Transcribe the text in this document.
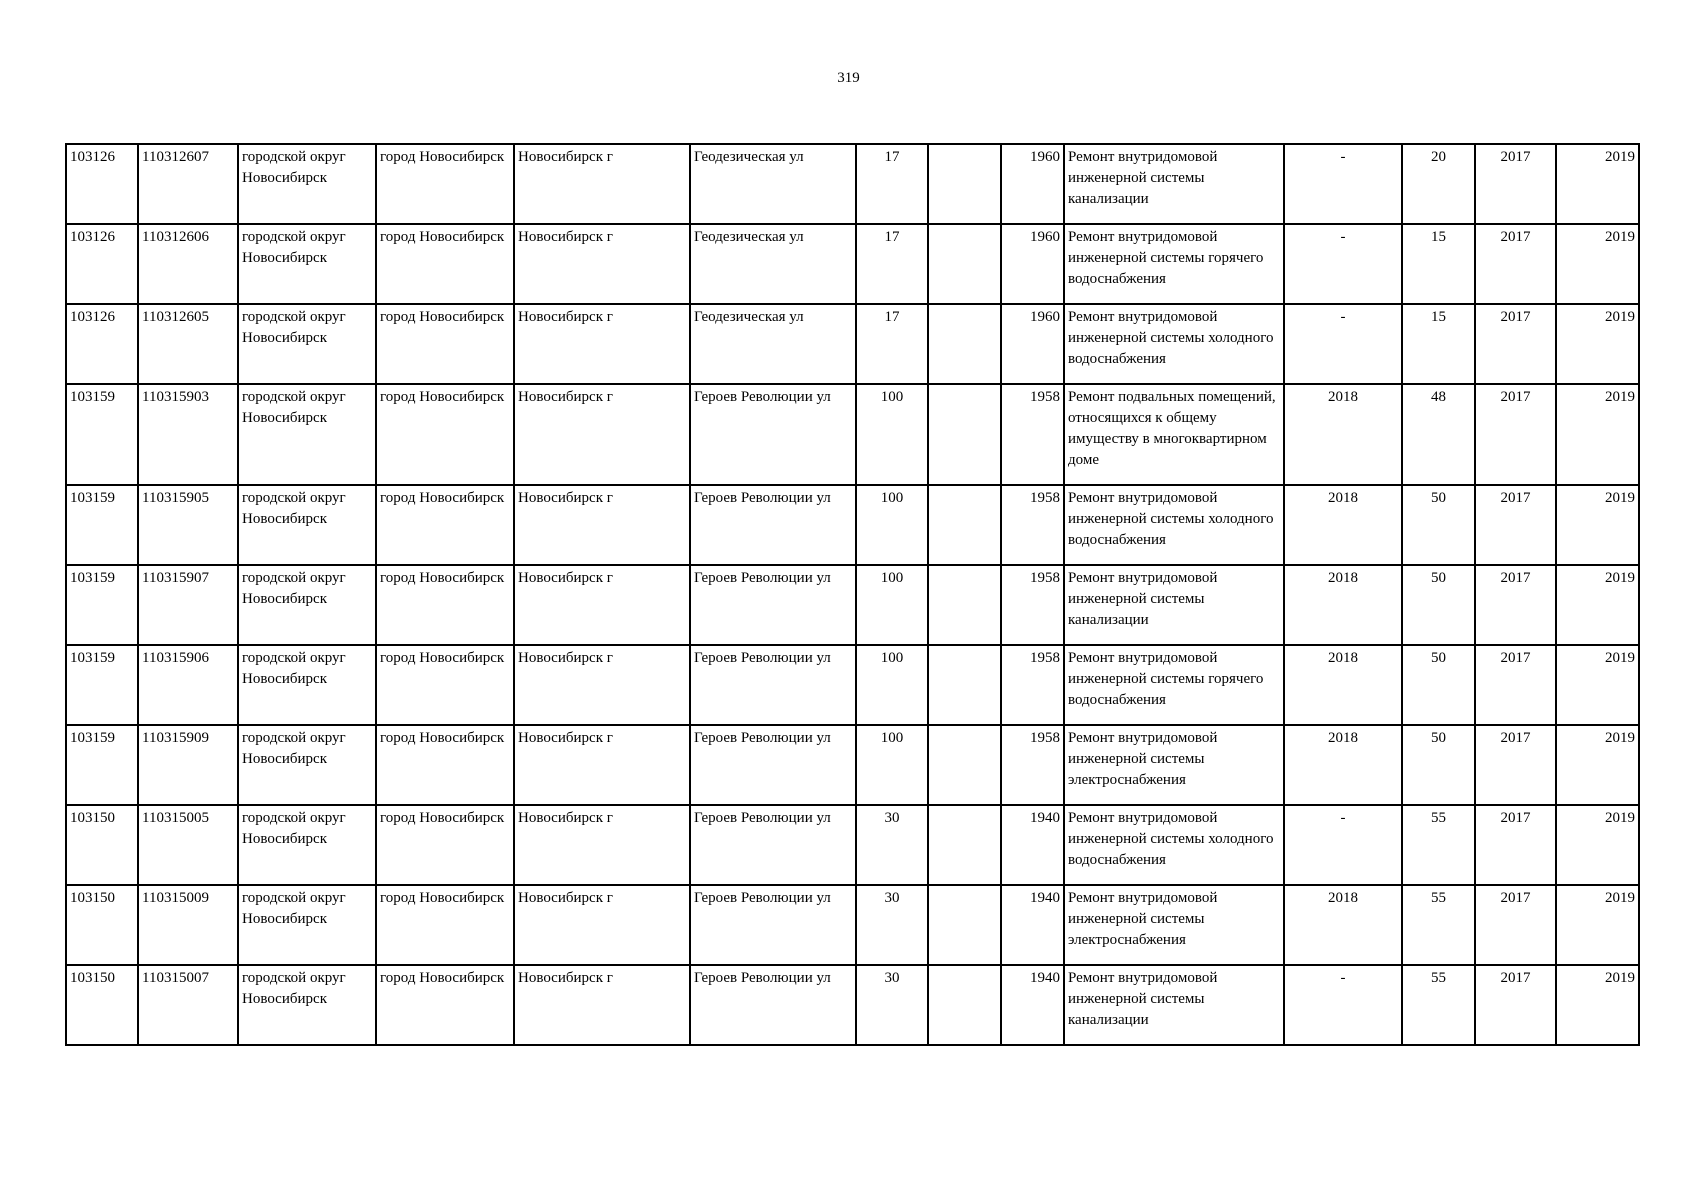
319
103126	110312607	городской округ Новосибирск	город Новосибирск	Новосибирск г	Геодезическая ул	17		1960	Ремонт внутридомовой инженерной системы канализации	-	20	2017	2019
103126	110312606	городской округ Новосибирск	город Новосибирск	Новосибирск г	Геодезическая ул	17		1960	Ремонт внутридомовой инженерной системы горячего водоснабжения	-	15	2017	2019
103126	110312605	городской округ Новосибирск	город Новосибирск	Новосибирск г	Геодезическая ул	17		1960	Ремонт внутридомовой инженерной системы холодного водоснабжения	-	15	2017	2019
103159	110315903	городской округ Новосибирск	город Новосибирск	Новосибирск г	Героев Революции ул	100		1958	Ремонт подвальных помещений, относящихся к общему имуществу в многоквартирном доме	2018	48	2017	2019
103159	110315905	городской округ Новосибирск	город Новосибирск	Новосибирск г	Героев Революции ул	100		1958	Ремонт внутридомовой инженерной системы холодного водоснабжения	2018	50	2017	2019
103159	110315907	городской округ Новосибирск	город Новосибирск	Новосибирск г	Героев Революции ул	100		1958	Ремонт внутридомовой инженерной системы канализации	2018	50	2017	2019
103159	110315906	городской округ Новосибирск	город Новосибирск	Новосибирск г	Героев Революции ул	100		1958	Ремонт внутридомовой инженерной системы горячего водоснабжения	2018	50	2017	2019
103159	110315909	городской округ Новосибирск	город Новосибирск	Новосибирск г	Героев Революции ул	100		1958	Ремонт внутридомовой инженерной системы электроснабжения	2018	50	2017	2019
103150	110315005	городской округ Новосибирск	город Новосибирск	Новосибирск г	Героев Революции ул	30		1940	Ремонт внутридомовой инженерной системы холодного водоснабжения	-	55	2017	2019
103150	110315009	городской округ Новосибирск	город Новосибирск	Новосибирск г	Героев Революции ул	30		1940	Ремонт внутридомовой инженерной системы электроснабжения	2018	55	2017	2019
103150	110315007	городской округ Новосибирск	город Новосибирск	Новосибирск г	Героев Революции ул	30		1940	Ремонт внутридомовой инженерной системы канализации	-	55	2017	2019
